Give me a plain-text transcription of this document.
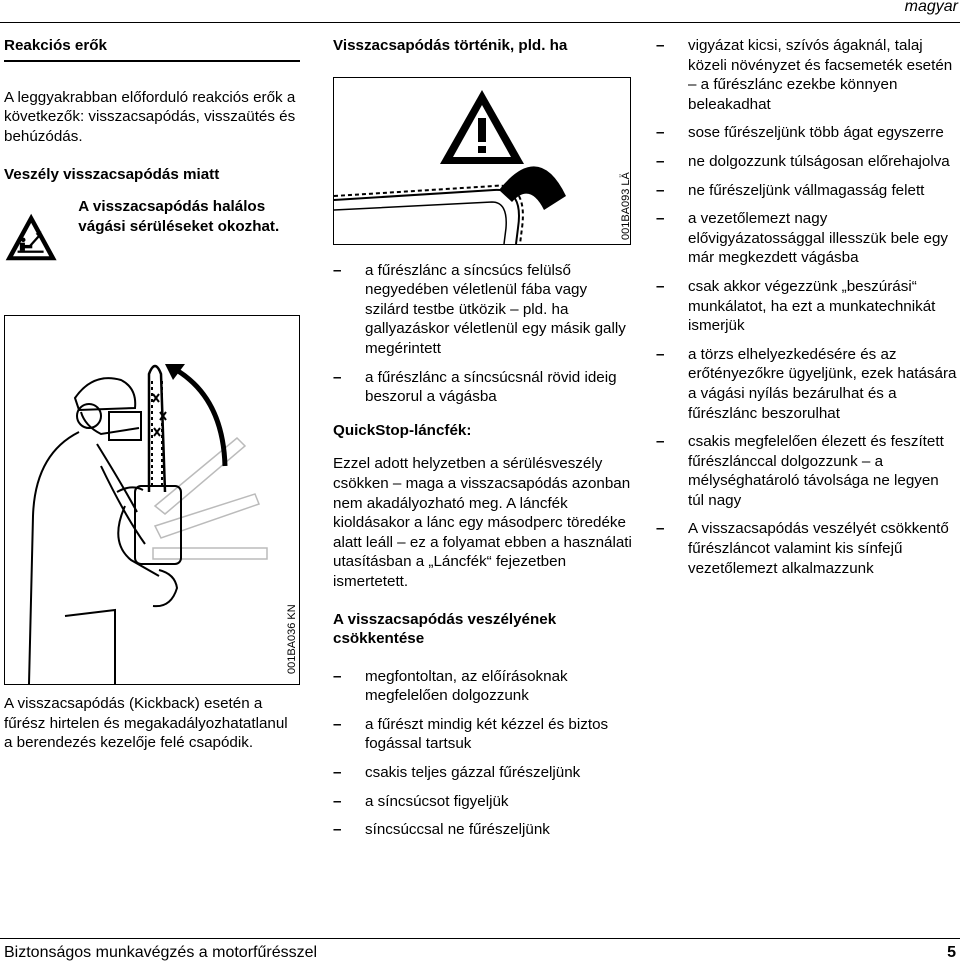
magyar
Reakciós erők

A leggyakrabban előforduló reakciós erők a következők: visszacsapódás, visszaütés és behúzódás.

Veszély visszacsapódás miatt
A visszacsapódás halálos vágási sérüléseket okozhat.
001BA036 KN

A visszacsapódás (Kickback) esetén a fűrész hirtelen és megakadályozhatatlanul a berendezés kezelője felé csapódik.

Visszacsapódás történik, pld. ha
001BA093 LÄ
– a fűrészlánc a síncsúcs felülső negyedében véletlenül fába vagy szilárd testbe ütközik – pld. ha gallyazáskor véletlenül egy másik gally megérintett
– a fűrészlánc a síncsúcsnál rövid ideig beszorul a vágásba
QuickStop-láncfék:

Ezzel adott helyzetben a sérülésveszély csökken – maga a visszacsapódás azonban nem akadályozható meg. A láncfék kioldásakor a lánc egy másodperc töredéke alatt leáll – ez a folyamat ebben a használati utasításban a „Láncfék“ fejezetben ismertetett.

A visszacsapódás veszélyének csökkentése
– megfontoltan, az előírásoknak megfelelően dolgozzunk
– a fűrészt mindig két kézzel és biztos fogással tartsuk
– csakis teljes gázzal fűrészeljünk
– a síncsúcsot figyeljük
– síncsúccsal ne fűrészeljünk
– vigyázat kicsi, szívós ágaknál, talaj közeli növényzet és facsemeték esetén – a fűrészlánc ezekbe könnyen beleakadhat
– sose fűrészeljünk több ágat egyszerre
– ne dolgozzunk túlságosan előrehajolva
– ne fűrészeljünk vállmagasság felett
– a vezetőlemezt nagy elővigyázatossággal illesszük bele egy már megkezdett vágásba
– csak akkor végezzünk „beszúrási“ munkálatot, ha ezt a munkatechnikát ismerjük
– a törzs elhelyezkedésére és az erőtényezőkre ügyeljünk, ezek hatására a vágási nyílás bezárulhat és a fűrészlánc beszorulhat
– csakis megfelelően élezett és feszített fűrészlánccal dolgozzunk – a mélységhatároló távolsága ne legyen túl nagy
– A visszacsapódás veszélyét csökkentő fűrészláncot valamint kis sínfejű vezetőlemezt alkalmazzunk
Biztonságos munkavégzés a motorfűrésszel	5
